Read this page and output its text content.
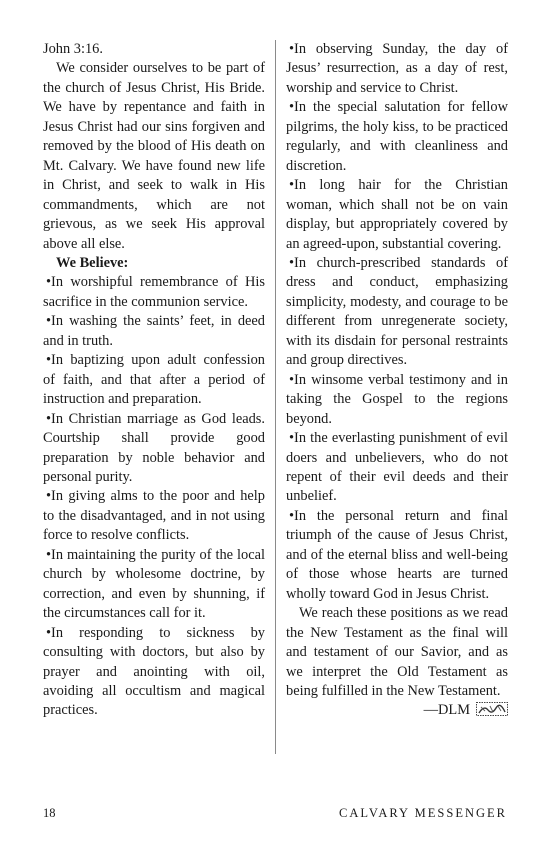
John 3:16.

We consider ourselves to be part of the church of Jesus Christ, His Bride. We have by repentance and faith in Jesus Christ had our sins forgiven and removed by the blood of His death on Mt. Calvary. We have found new life in Christ, and seek to walk in His commandments, which are not grievous, as we seek His approval above all else.

We Believe:

• In worshipful remembrance of His sacrifice in the communion service.

• In washing the saints’ feet, in deed and in truth.

• In baptizing upon adult confession of faith, and that after a period of instruction and preparation.

• In Christian marriage as God leads. Courtship shall provide good preparation by noble behavior and personal purity.

• In giving alms to the poor and help to the disadvantaged, and in not using force to resolve conflicts.

• In maintaining the purity of the local church by wholesome doctrine, by correction, and even by shunning, if the circumstances call for it.

• In responding to sickness by consulting with doctors, but also by prayer and anointing with oil, avoiding all occultism and magical practices.

• In observing Sunday, the day of Jesus’ resurrection, as a day of rest, worship and service to Christ.

• In the special salutation for fellow pilgrims, the holy kiss, to be practiced regularly, and with cleanliness and discretion.

• In long hair for the Christian woman, which shall not be on vain display, but appropriately covered by an agreed-upon, substantial covering.

• In church-prescribed standards of dress and conduct, emphasizing simplicity, modesty, and courage to be different from unregenerate society, with its disdain for personal restraints and group directives.

• In winsome verbal testimony and in taking the Gospel to the regions beyond.

• In the everlasting punishment of evil doers and unbelievers, who do not repent of their evil deeds and their unbelief.

• In the personal return and final triumph of the cause of Jesus Christ, and of the eternal bliss and well-being of those whose hearts are turned wholly toward God in Jesus Christ.

We reach these positions as we read the New Testament as the final will and testament of our Savior, and as we interpret the Old Testament as being fulfilled in the New Testament.

—DLM

18	CALVARY MESSENGER
